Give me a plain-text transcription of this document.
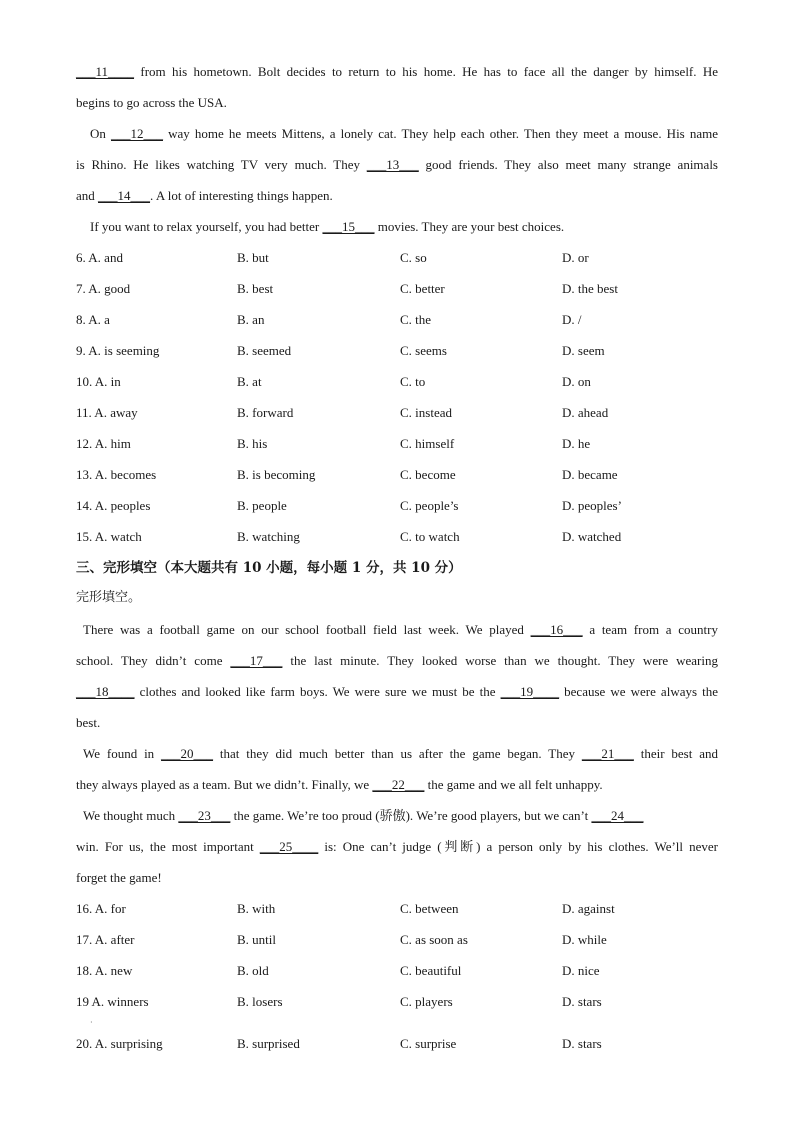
___11____ from his hometown. Bolt decides to return to his home. He has to face all the danger by himself. He
begins to go across the USA.
On ___12___ way home he meets Mittens, a lonely cat. They help each other. Then they meet a mouse. His name
is Rhino. He likes watching TV very much. They ___13___ good friends. They also meet many strange animals
and ___14___. A lot of interesting things happen.
If you want to relax yourself, you had better ___15___ movies. They are your best choices.
6. A. and	B. but	C. so	D. or
7. A. good	B. best	C. better	D. the best
8. A. a	B. an	C. the	D. /
9. A. is seeming	B. seemed	C. seems	D. seem
10. A. in	B. at	C. to	D. on
11. A. away	B. forward	C. instead	D. ahead
12. A. him	B. his	C. himself	D. he
13. A. becomes	B. is becoming	C. become	D. became
14. A. peoples	B. people	C. people’s	D. peoples’
15. A. watch	B. watching	C. to watch	D. watched
三、完形填空（本大题共有 10 小题，每小题 1 分，共 10 分）
完形填空。
There was a football game on our school football field last week. We played ___16___ a team from a country
school. They didn’t come ___17___ the last minute. They looked worse than we thought. They were wearing
___18____ clothes and looked like farm boys. We were sure we must be the ___19____ because we were always the
best.
We found in ___20___ that they did much better than us after the game began. They ___21___ their best and
they always played as a team. But we didn’t. Finally, we ___22___ the game and we all felt unhappy.
We thought much ___23___ the game. We’re too proud (骄傲). We’re good players, but we can’t ___24___
win. For us, the most important ___25____ is: One can’t judge (判断) a person only by his clothes. We’ll never
forget the game!
16. A. for	B. with	C. between	D. against
17. A. after	B. until	C. as soon as	D. while
18. A. new	B. old	C. beautiful	D. nice
19 A. winners	B. losers	C. players	D. stars
20. A. surprising	B. surprised	C. surprise	D. stars
·
